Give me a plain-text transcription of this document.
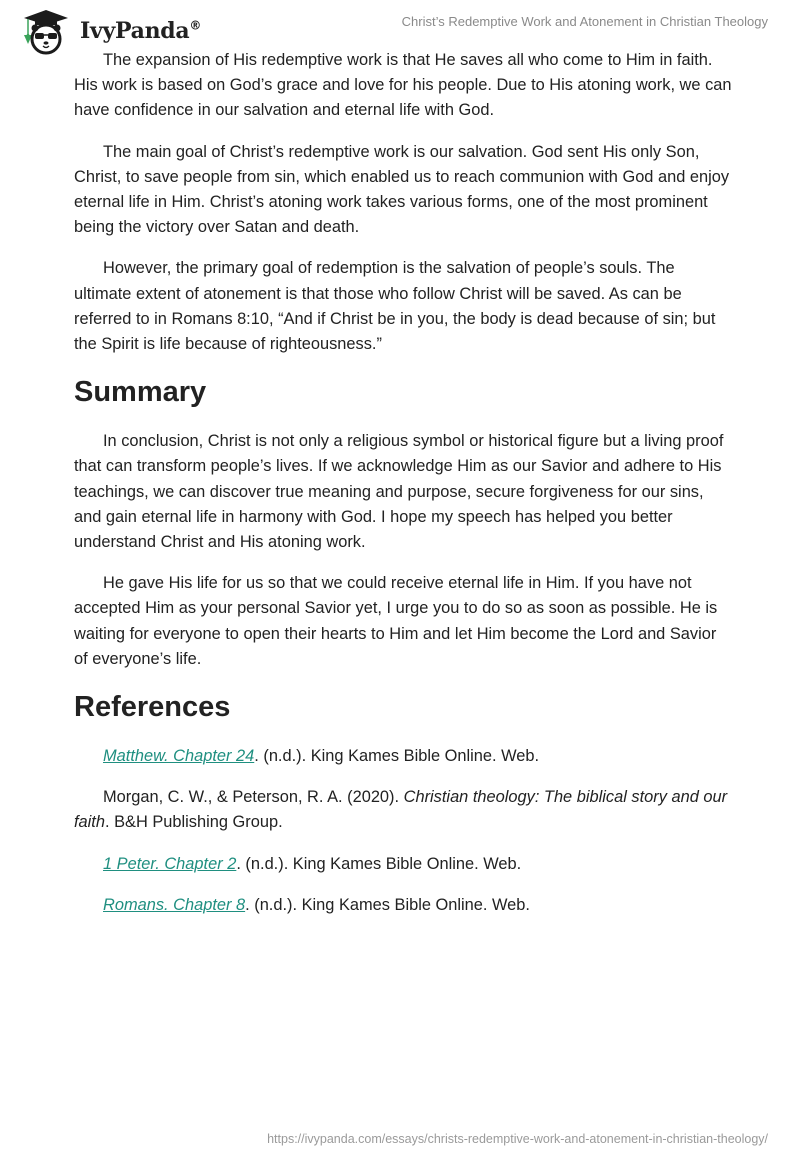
IvyPanda®	Christ’s Redemptive Work and Atonement in Christian Theology

The expansion of His redemptive work is that He saves all who come to Him in faith. His work is based on God’s grace and love for his people. Due to His atoning work, we can have confidence in our salvation and eternal life with God.

The main goal of Christ’s redemptive work is our salvation. God sent His only Son, Christ, to save people from sin, which enabled us to reach communion with God and enjoy eternal life in Him. Christ’s atoning work takes various forms, one of the most prominent being the victory over Satan and death.

However, the primary goal of redemption is the salvation of people’s souls. The ultimate extent of atonement is that those who follow Christ will be saved. As can be referred to in Romans 8:10, “And if Christ be in you, the body is dead because of sin; but the Spirit is life because of righteousness.”

Summary

In conclusion, Christ is not only a religious symbol or historical figure but a living proof that can transform people’s lives. If we acknowledge Him as our Savior and adhere to His teachings, we can discover true meaning and purpose, secure forgiveness for our sins, and gain eternal life in harmony with God. I hope my speech has helped you better understand Christ and His atoning work.

He gave His life for us so that we could receive eternal life in Him. If you have not accepted Him as your personal Savior yet, I urge you to do so as soon as possible. He is waiting for everyone to open their hearts to Him and let Him become the Lord and Savior of everyone’s life.

References

Matthew. Chapter 24. (n.d.). King Kames Bible Online. Web.

Morgan, C. W., & Peterson, R. A. (2020). Christian theology: The biblical story and our faith. B&H Publishing Group.

1 Peter. Chapter 2. (n.d.). King Kames Bible Online. Web.

Romans. Chapter 8. (n.d.). King Kames Bible Online. Web.

https://ivypanda.com/essays/christs-redemptive-work-and-atonement-in-christian-theology/
